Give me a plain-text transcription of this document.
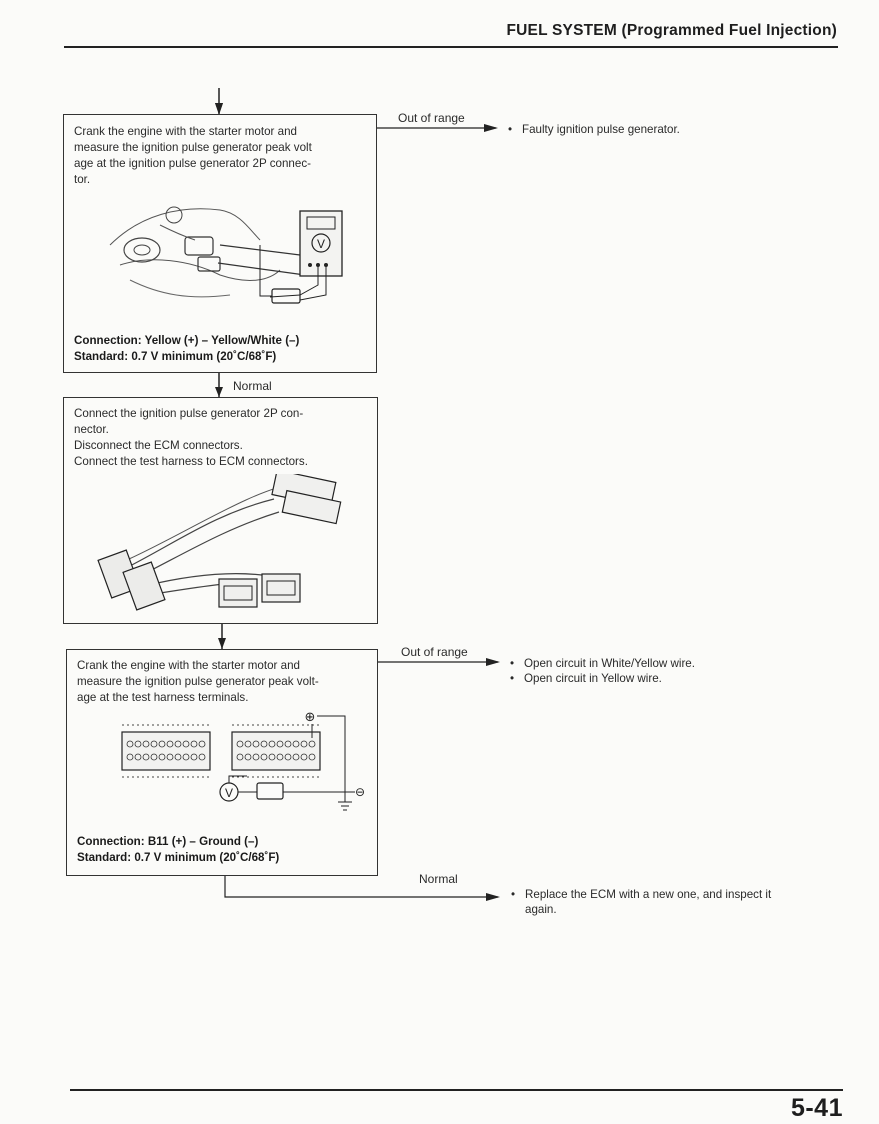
FUEL SYSTEM (Programmed Fuel Injection)
Crank the engine with the starter motor and
measure the ignition pulse generator peak volt
age at the ignition pulse generator 2P connec-
tor.
V
Connection: Yellow (+) – Yellow/White (–)
Standard: 0.7 V minimum (20˚C/68˚F)
Out of range
• Faulty ignition pulse generator.
Normal
Connect the ignition pulse generator 2P con-
nector.
Disconnect the ECM connectors.
Connect the test harness to ECM connectors.
Crank the engine with the starter motor and
measure the ignition pulse generator peak volt-
age at the test harness terminals.
⊕
V	⊖
Connection: B11 (+) – Ground (–)
Standard: 0.7 V minimum (20˚C/68˚F)
Out of range
• Open circuit in White/Yellow wire.
• Open circuit in Yellow wire.
Normal
• Replace the ECM with a new one, and inspect it
again.
5-41
